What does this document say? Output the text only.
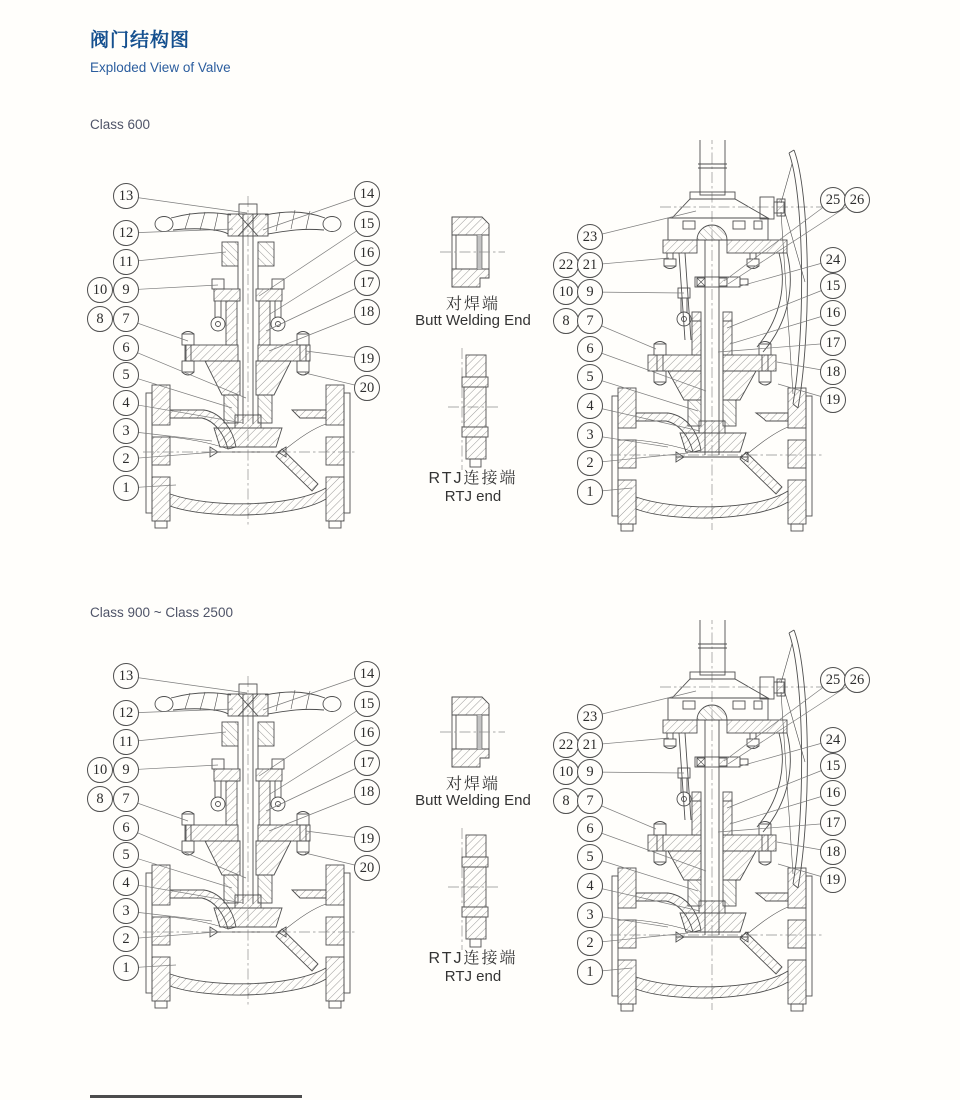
阀门结构图
Exploded View of Valve
Class 600
Class 900 ~ Class 2500
对焊端
Butt Welding End
RTJ连接端
RTJ end
对焊端
Butt Welding End
RTJ连接端
RTJ end
13
12
11
10	9
8	7
6
5
4
3
2
1
14
15
16
17
18
19
20
23
22 21
10 9
8	7
6
5
4
3
2
1
25 26
24
15
16
17
18
19
13
12
11
10	9
8	7
6
5
4
3
2
1
14
15
16
17
18
19
20
23
22 21
10 9
8	7
6
5
4
3
2
1
25 26
24
15
16
17
18
19
